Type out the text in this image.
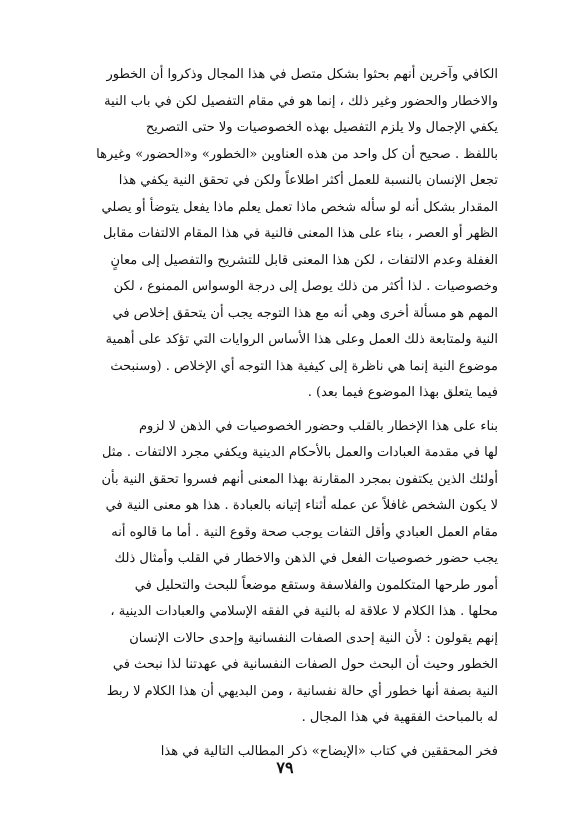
الكافي وآخرين أنهم بحثوا بشكل متصل في هذا المجال وذكروا أن الخطور
والاخطار والحضور وغير ذلك ، إنما هو في مقام التفصيل لكن في باب النية
يكفي الإجمال ولا يلزم التفصيل بهذه الخصوصيات ولا حتى التصريح
باللفظ . صحيح أن كل واحد من هذه العناوين «الخطور» و«الحضور» وغيرها
تجعل الإنسان بالنسبة للعمل أكثر اطلاعاً ولكن في تحقق النية يكفي هذا
المقدار بشكل أنه لو سأله شخص ماذا تعمل يعلم ماذا يفعل يتوضأ أو يصلي
الظهر أو العصر ، بناء على هذا المعنى فالنية في هذا المقام الالتفات مقابل
الغفلة وعدم الالتفات ، لكن هذا المعنى قابل للتشريح والتفصيل إلى معانٍ
وخصوصيات . لذا أكثر من ذلك يوصل إلى درجة الوسواس الممنوع ، لكن
المهم هو مسألة أخرى وهي أنه مع هذا التوجه يجب أن يتحقق إخلاص في
النية ولمتابعة ذلك العمل وعلى هذا الأساس الروايات التي تؤكد على أهمية
موضوع النية إنما هي ناظرة إلى كيفية هذا التوجه أي الإخلاص . (وسنبحث
فيما يتعلق بهذا الموضوع فيما بعد) .

بناء على هذا الإخطار بالقلب وحضور الخصوصيات في الذهن لا لزوم
لها في مقدمة العبادات والعمل بالأحكام الدينية ويكفي مجرد الالتفات . مثل
أولئك الذين يكتفون بمجرد المقارنة بهذا المعنى أنهم فسروا تحقق النية بأن
لا يكون الشخص غافلاً عن عمله أثناء إتيانه بالعبادة . هذا هو معنى النية في
مقام العمل العبادي وأقل التفات يوجب صحة وقوع النية . أما ما قالوه أنه
يجب حضور خصوصيات الفعل في الذهن والاخطار في القلب وأمثال ذلك
أمور طرحها المتكلمون والفلاسفة وستقع موضعاً للبحث والتحليل في
محلها . هذا الكلام لا علاقة له بالنية في الفقه الإسلامي والعبادات الدينية ،
إنهم يقولون : لأن النية إحدى الصفات النفسانية وإحدى حالات الإنسان
الخطور وحيث أن البحث حول الصفات النفسانية في عهدتنا لذا نبحث في
النية بصفة أنها خطور أي حالة نفسانية ، ومن البديهي أن هذا الكلام لا ربط
له بالمباحث الفقهية في هذا المجال .

فخر المحققين في كتاب «الإيضاح» ذكر المطالب التالية في هذا

٧٩
